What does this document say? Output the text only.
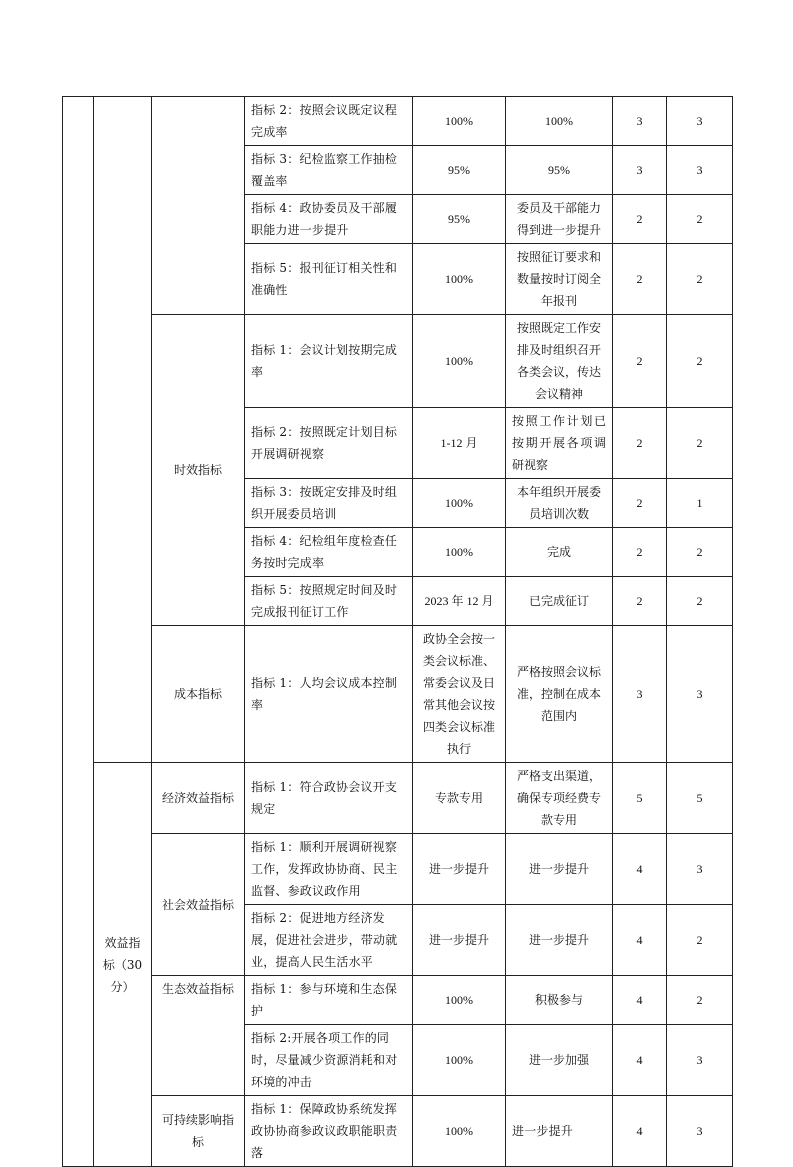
			指标 2：按照会议既定议程完成率	100%	100%	3	3
			指标 3：纪检监察工作抽检覆盖率	95%	95%	3	3
			指标 4：政协委员及干部履职能力进一步提升	95%	委员及干部能力得到进一步提升	2	2
			指标 5：报刊征订相关性和准确性	100%	按照征订要求和数量按时订阅全年报刊	2	2
		时效指标	指标 1：会议计划按期完成率	100%	按照既定工作安排及时组织召开各类会议，传达会议精神	2	2
			指标 2：按照既定计划目标开展调研视察	1-12 月	按照工作计划已按期开展各项调研视察	2	2
			指标 3：按既定安排及时组织开展委员培训	100%	本年组织开展委员培训次数	2	1
			指标 4：纪检组年度检查任务按时完成率	100%	完成	2	2
			指标 5：按照规定时间及时完成报刊征订工作	2023 年 12 月	已完成征订	2	2
		成本指标	指标 1：人均会议成本控制率	政协全会按一类会议标准、常委会议及日常其他会议按四类会议标准执行	严格按照会议标准，控制在成本范围内	3	3
	效益指标（30 分）	经济效益指标	指标 1：符合政协会议开支规定	专款专用	严格支出渠道，确保专项经费专款专用	5	5
		社会效益指标	指标 1：顺利开展调研视察工作，发挥政协协商、民主监督、参政议政作用	进一步提升	进一步提升	4	3
			指标 2：促进地方经济发展，促进社会进步，带动就业，提高人民生活水平	进一步提升	进一步提升	4	2
		生态效益指标	指标 1：参与环境和生态保护	100%	积极参与	4	2
			指标 2:开展各项工作的同时，尽量减少资源消耗和对环境的冲击	100%	进一步加强	4	3
		可持续影响指标	指标 1：保障政协系统发挥政协协商参政议政职能职责落	100%	进一步提升	4	3
